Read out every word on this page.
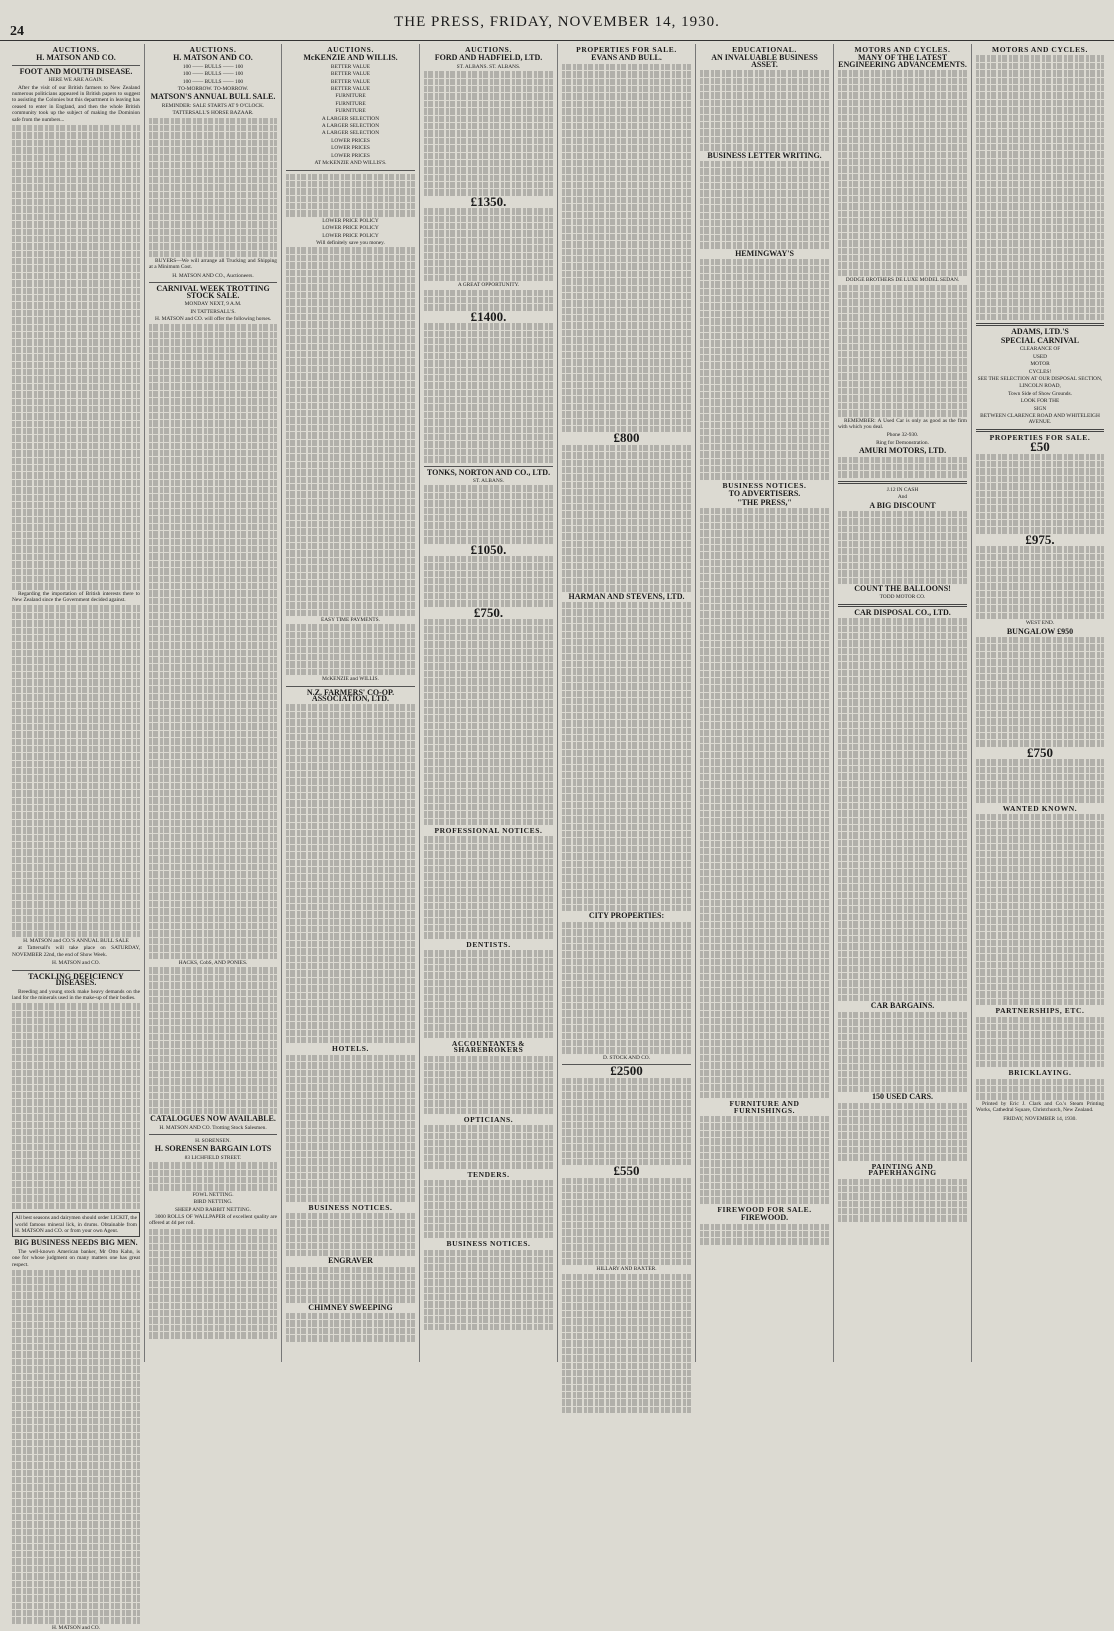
24
THE PRESS, FRIDAY, NOVEMBER 14, 1930.
AUCTIONS.
H. MATSON AND CO.
FOOT AND MOUTH DISEASE.
HERE WE ARE AGAIN.

After the visit of our British farmers to New Zealand numerous politicians appeared in British papers to suggest to assisting the Colonies but this department in leaving has ceased to enter in England, and then the whole British community took up the subject of making the Dominion safe from the numbers...

Regarding the importation of British interests there to New Zealand since the Government decided against.

H. MATSON and CO.'S ANNUAL BULL SALE

at Tattersall's will take place on SATURDAY, NOVEMBER 22nd, the end of Show Week.

H. MATSON and CO.
TACKLING DEFICIENCY DISEASES.

Breeding and young stock make heavy demands on the land for the minerals used in the make-up of their bodies.

All best seasons and dairymen should order LICKIT, the world famous mineral lick, in drums. Obtainable from H. MATSON and CO. or from your own Agent.
BIG BUSINESS NEEDS BIG MEN.

The well-known American banker, Mr Otto Kahn, is one for whose judgment on many matters one has great respect.

H. MATSON and CO.
AUCTIONS.
H. MATSON AND CO.
100 —— BULLS —— 100
100 —— BULLS —— 100
100 —— BULLS —— 100
TO-MORROW. TO-MORROW.
MATSON'S ANNUAL BULL SALE.
REMINDER: SALE STARTS AT 9 O'CLOCK.
TATTERSALL'S HORSE BAZAAR.

BUYERS—We will arrange all Trucking and Shipping at a Minimum Cost.

H. MATSON AND CO., Auctioneers.
CARNIVAL WEEK TROTTING STOCK SALE.
MONDAY NEXT, 9 A.M.
IN TATTERSALL'S.

H. MATSON and CO. will offer the following horses.

HACKS, CobS, AND PONIES.
CATALOGUES NOW AVAILABLE.
H. MATSON AND CO. Trotting Stock Salesmen.
H. SORENSEN.
H. SORENSEN BARGAIN LOTS
83 LICHFIELD STREET.
FOWL NETTING.
BIRD NETTING.
SHEEP AND RABBIT NETTING.

3000 ROLLS OF WALLPAPER of excellent quality are offered at 4d per roll.

AUCTIONS.
McKENZIE AND WILLIS.
BETTER VALUE
BETTER VALUE
BETTER VALUE
BETTER VALUE
FURNITURE
FURNITURE
FURNITURE
A LARGER SELECTION
A LARGER SELECTION
A LARGER SELECTION
LOWER PRICES
LOWER PRICES
LOWER PRICES
AT McKENZIE AND WILLIS'S.
LOWER PRICE POLICY
LOWER PRICE POLICY
LOWER PRICE POLICY
Will definitely save you money.
EASY TIME PAYMENTS.
McKENZIE and WILLIS.
N.Z. FARMERS' CO-OP. ASSOCIATION, LTD.
HOTELS.
BUSINESS NOTICES.
ENGRAVER
CHIMNEY SWEEPING
AUCTIONS.
FORD AND HADFIELD, LTD.
ST. ALBANS. ST. ALBANS.
£1350.
A GREAT OPPORTUNITY.
£1400.
TONKS, NORTON AND CO., LTD.
ST. ALBANS.
£1050.
£750.
PROFESSIONAL NOTICES.
DENTISTS.
ACCOUNTANTS & SHAREBROKERS
OPTICIANS.
TENDERS.
BUSINESS NOTICES.
PROPERTIES FOR SALE.
EVANS AND BULL.
£800
HARMAN AND STEVENS, LTD.
CITY PROPERTIES:
D. STOCK AND CO.
£2500
£550
HILLARY AND BAXTER.
EDUCATIONAL.
AN INVALUABLE BUSINESS ASSET.
BUSINESS LETTER WRITING.
HEMINGWAY'S
BUSINESS NOTICES.
TO ADVERTISERS.
"THE PRESS,"
FURNITURE AND FURNISHINGS.
FIREWOOD FOR SALE.
FIREWOOD.
MOTORS AND CYCLES.
MANY OF THE LATEST ENGINEERING ADVANCEMENTS.
DODGE BROTHERS DE LUXE MODEL SEDAN.

REMEMBER: A Used Car is only as good as the firm with which you deal.

Phone 32-930.
Ring for Demonstration.
AMURI MOTORS, LTD.
J.12 IN CASH
And
A BIG DISCOUNT
COUNT THE BALLOONS!
TODD MOTOR CO.
CAR DISPOSAL CO., LTD.
CAR BARGAINS.
150 USED CARS.
PAINTING AND PAPERHANGING
MOTORS AND CYCLES.
ADAMS, LTD.'S
SPECIAL CARNIVAL
CLEARANCE OF
USED
MOTOR
CYCLES!
SEE THE SELECTION AT OUR DISPOSAL SECTION,
LINCOLN ROAD,
Town Side of Show Grounds.
LOOK FOR THE
SIGN
BETWEEN CLARENCE ROAD AND WHITELEIGH AVENUE.
PROPERTIES FOR SALE.
£50
£975.
WEST END.
BUNGALOW £950
£750
WANTED KNOWN.
PARTNERSHIPS, ETC.
BRICKLAYING.

Printed by Eric J. Clark and Co.'s Steam Printing Works, Cathedral Square, Christchurch, New Zealand.

FRIDAY, NOVEMBER 14, 1930.
